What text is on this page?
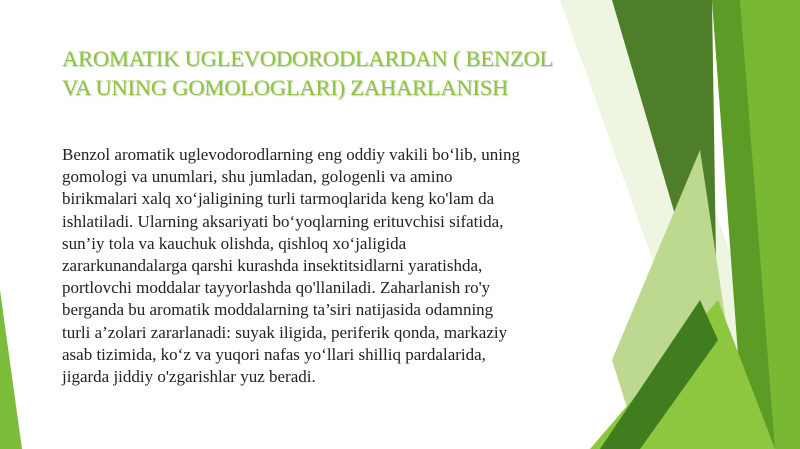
AROMATIK UGLEVODORODLARDAN ( BENZOL
VA UNING GOMOLOGLARI) ZAHARLANISH

Benzol aromatik uglevodorodlarning eng oddiy vakili bo‘lib, uning
gomologi va unumlari, shu jumladan, gologenli va amino
birikmalari xalq xo‘jaligining turli tarmoqlarida keng ko'lam da
ishlatiladi. Ularning aksariyati bo‘yoqlarning erituvchisi sifatida,
sun’iy tola va kauchuk olishda, qishloq xo‘jaligida
zararkunandalarga qarshi kurashda insektitsidlarni yaratishda,
portlovchi moddalar tayyorlashda qo'llaniladi. Zaharlanish ro'y
berganda bu aromatik moddalarning ta’siri natijasida odamning
turli a’zolari zararlanadi: suyak iligida, periferik qonda, markaziy
asab tizimida, ko‘z va yuqori nafas yo‘llari shilliq pardalarida,
jigarda jiddiy o'zgarishlar yuz beradi.
